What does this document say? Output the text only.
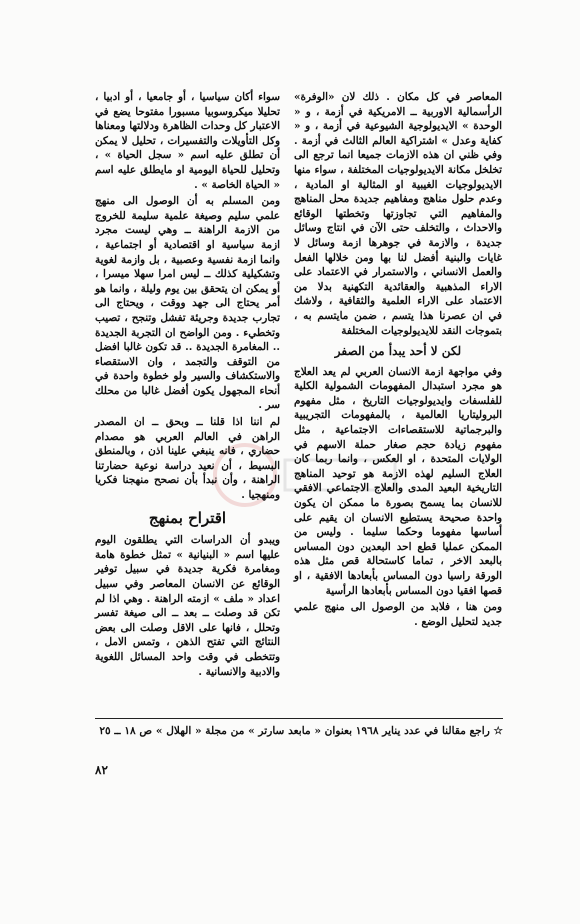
المعاصر في كل مكان . ذلك لان «الوفرة» الرأسمالية الاوربية ــ الامريكية في أزمة ، و « الوحدة » الايديولوجية الشيوعية في أزمة ، و « كفاية وعدل » اشتراكية العالم الثالث في أزمة . وفي ظني ان هذه الازمات جميعا انما ترجع الى تخلخل مكانة الايديولوجيات المختلفة ، سواء منها الايديولوجيات الغيبية او المثالية او المادية ، وعدم حلول مناهج ومفاهيم جديدة محل المناهج والمفاهيم التي تجاوزتها وتخطتها الوقائع والاحداث ، والتخلف حتى الآن في انتاج وسائل جديدة ، والازمة في جوهرها ازمة وسائل لا غايات والبنية أفضل لنا بها ومن خلالها الفعل والعمل الانساني ، والاستمرار في الاعتماد على الاراء المذهبية والعقائدية التكهنية بدلا من الاعتماد على الاراء العلمية والثقافية ، ولاشك في ان عصرنا هذا يتسم ، ضمن مايتسم به ، بتموجات النقد للايديولوجيات المختلفة

لكن لا أحد يبدأ من الصفر

وفي مواجهة ازمة الانسان العربي لم يعد العلاج هو مجرد استبدال المفهومات الشمولية الكلية للفلسفات وايديولوجيات التاريخ ، مثل مفهوم البروليتاريا العالمية ، بالمفهومات التجريبية والبرجماتية للاستقصاءات الاجتماعية ، مثل مفهوم زيادة حجم صغار حملة الاسهم في الولايات المتحدة ، او العكس ، وانما ربما كان العلاج السليم لهذه الازمة هو توحيد المناهج التاريخية البعيد المدى والعلاج الاجتماعي الافقي للانسان بما يسمح بصورة ما ممكن ان يكون واحدة صحيحة يستطيع الانسان ان يقيم على أساسها مفهوما وحكما سليما . وليس من الممكن عمليا قطع احد البعدين دون المساس بالبعد الاخر ، تماما كاستحالة قص مثل هذه الورقة راسيا دون المساس بأبعادها الافقية ، او قصها افقيا دون المساس بأبعادها الرأسية

ومن هنا ، فلابد من الوصول الى منهج علمي جديد لتحليل الوضع .

سواء أكان سياسيا ، أو جامعيا ، أو ادبيا ، تحليلا ميكروسوبيا مسبورا مفتوحا يضع في الاعتبار كل وحدات الظاهرة ودلالتها ومعناها وكل التأويلات والتفسيرات ، تحليل لا يمكن أن تطلق عليه اسم « سجل الحياة » ، وتحليل للحياة اليومية او مايطلق عليه اسم « الحياة الخاصة » .

ومن المسلم به أن الوصول الى منهج علمي سليم وصيغة علمية سليمة للخروج من الازمة الراهنة ــ وهي ليست مجرد ازمة سياسية او اقتصادية أو اجتماعية ، وانما ازمة نفسية وعصبية ، بل وازمة لغوية وتشكيلية كذلك ــ ليس امرا سهلا ميسرا ، أو يمكن ان يتحقق بين يوم وليلة ، وانما هو أمر يحتاج الى جهد ووقت ، ويحتاج الى تجارب جديدة وجريئة تفشل وتنجح ، تصيب وتخطيء . ومن الواضح ان التجربة الجديدة .. المغامرة الجديدة .. قد تكون غالبا افضل من التوقف والتجمد ، وان الاستقصاء والاستكشاف والسير ولو خطوة واحدة في أنحاء المجهول يكون أفضل غالبا من محلك سر .

لم اننا اذا قلنا ــ وبحق ــ ان المصدر الراهن في العالم العربي هو مصدام حضاري ، فانه ينبغي علينا اذن ، وبالمنطق البسيط ، أن نعيد دراسة نوعية حضارتنا الراهنة ، وأن نبدأ بأن نصحح منهجنا فكريا ومنهجيا .

اقتراح بمنهج

ويبدو أن الدراسات التي يطلقون اليوم عليها اسم « البنيانية » تمثل خطوة هامة ومغامرة فكرية جديدة في سبيل توفير الوقائع عن الانسان المعاصر وفي سبيل اعداد « ملف » ازمته الراهنة . وهي اذا لم تكن قد وصلت ــ بعد ــ الى صيغة تفسر وتحلل ، فانها على الاقل وصلت الى بعض النتائج التي تفتح الذهن ، وتمس الامل ، وتتخطى في وقت واحد المسائل اللغوية والادبية والانسانية .

☆ راجع مقالنا في عدد يناير ١٩٦٨ بعنوان « مابعد سارتر » من مجلة « الهلال » ص ١٨ ــ ٢٥
٨٢
